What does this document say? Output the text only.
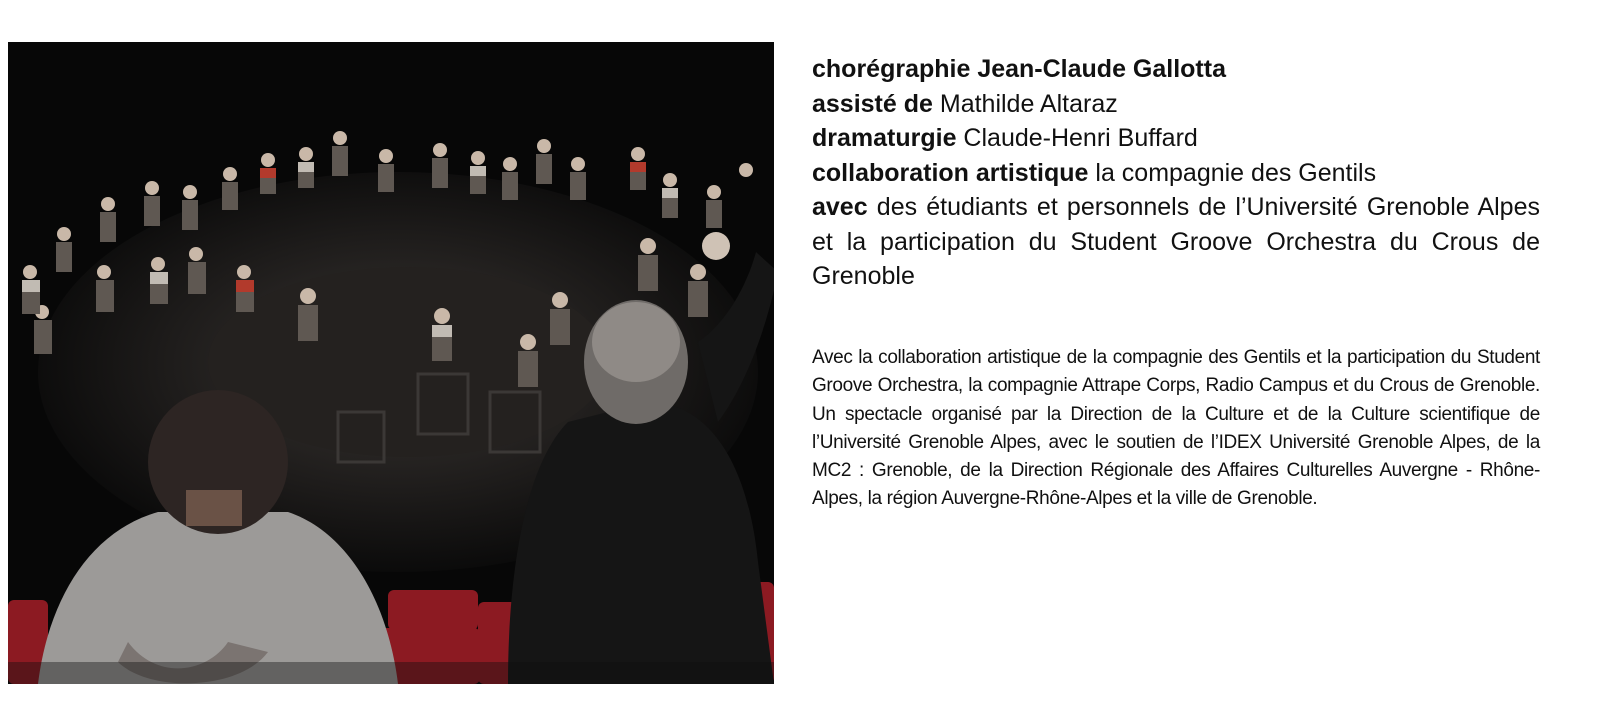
chorégraphie Jean-Claude Gallotta

assisté de Mathilde Altaraz

dramaturgie Claude-Henri Buffard

collaboration artistique la compagnie des Gentils

avec des étudiants et personnels de l’Université Grenoble Alpes et la participation du Student Groove Orchestra du Crous de Grenoble

Avec la collaboration artistique de la compagnie des Gentils et la participation du Student Groove Orchestra, la compagnie Attrape Corps, Radio Campus et du Crous de Grenoble. Un spectacle organisé par la Direction de la Culture et de la Culture scientifique de l’Université Grenoble Alpes, avec le soutien de l’IDEX Université Grenoble Alpes, de la MC2 : Grenoble, de la Direction Régionale des Affaires Culturelles Auvergne - Rhône-Alpes, la région Auvergne-Rhône-Alpes et la ville de Grenoble.
